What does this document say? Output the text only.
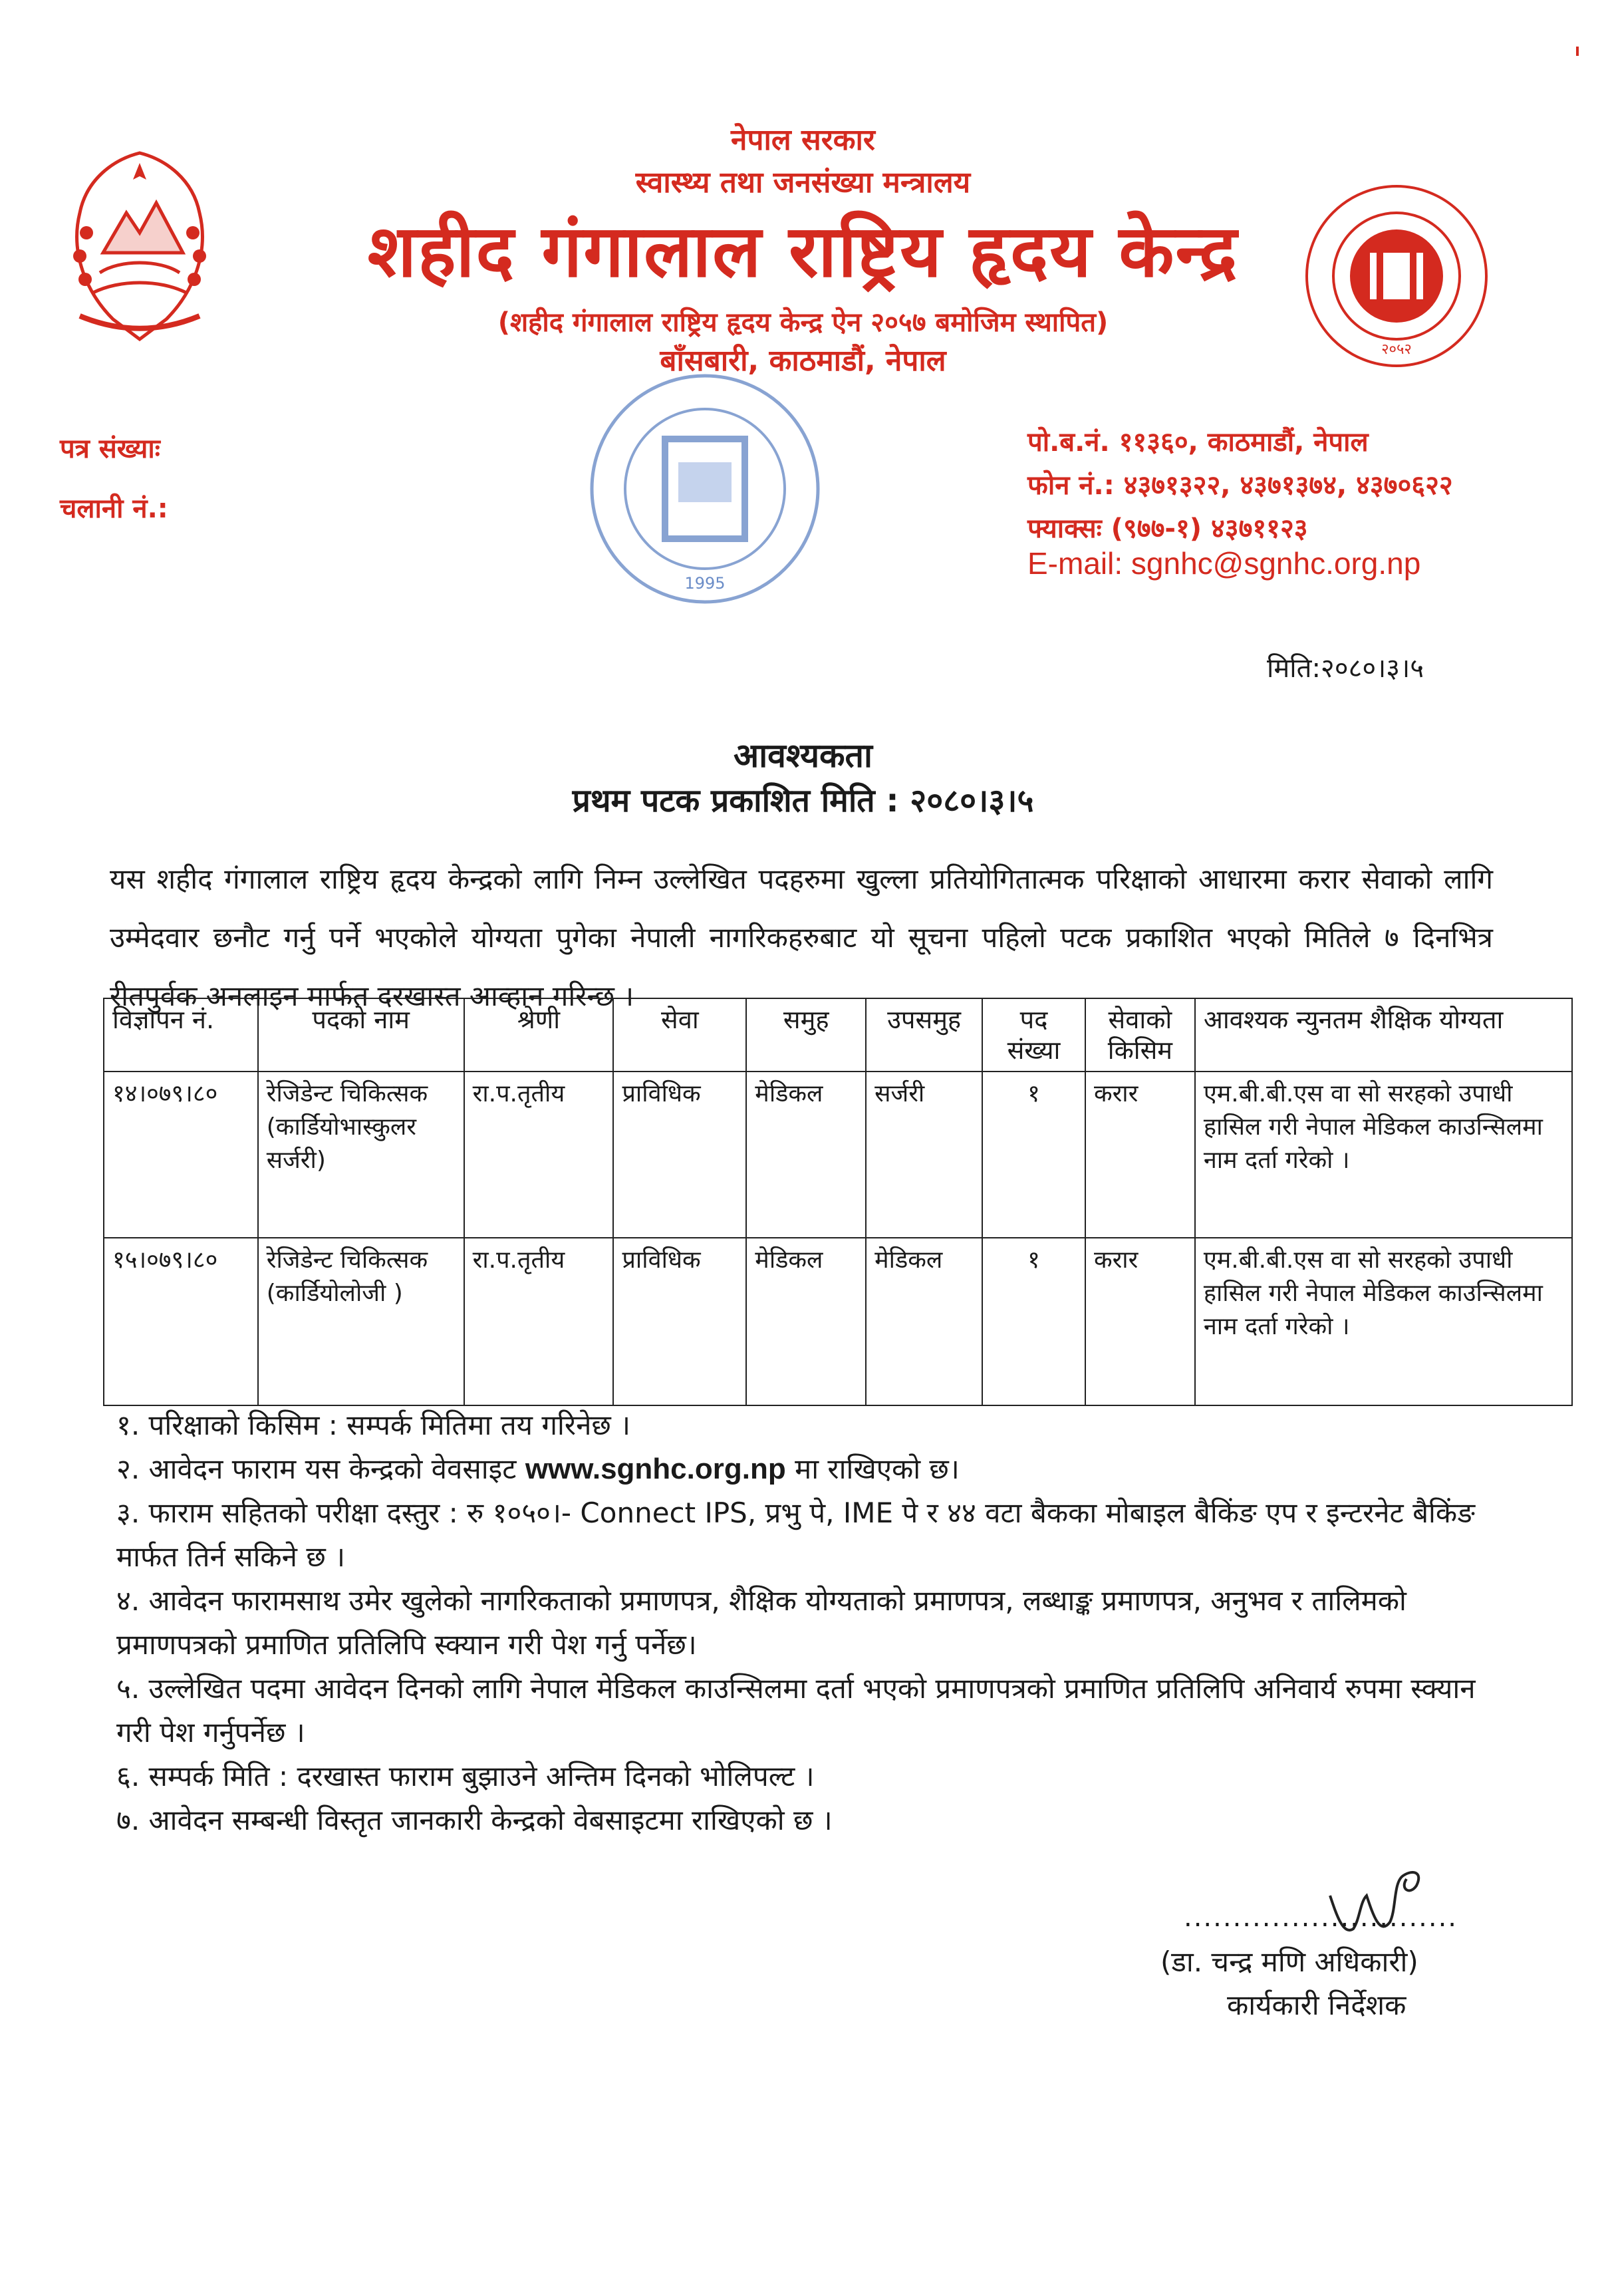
नेपाल सरकार
स्वास्थ्य तथा जनसंख्या मन्त्रालय
शहीद गंगालाल राष्ट्रिय हृदय केन्द्र
(शहीद गंगालाल राष्ट्रिय हृदय केन्द्र ऐन २०५७ बमोजिम स्थापित)
बाँसबारी, काठमाडौं, नेपाल	२०५२
1995
पत्र संख्याः
चलानी नं.:
पो.ब.नं. ११३६०, काठमाडौं, नेपाल
फोन नं.: ४३७१३२२, ४३७१३७४, ४३७०६२२
फ्याक्सः (९७७-१) ४३७११२३
E-mail: sgnhc@sgnhc.org.np
मिति:२०८०।३।५
आवश्यकता
प्रथम पटक प्रकाशित मिति : २०८०।३।५
यस शहीद गंगालाल राष्ट्रिय हृदय केन्द्रको लागि निम्न उल्लेखित पदहरुमा खुल्ला प्रतियोगितात्मक परिक्षाको आधारमा करार सेवाको लागि उम्मेदवार छनौट गर्नु पर्ने भएकोले योग्यता पुगेका नेपाली नागरिकहरुबाट यो सूचना पहिलो पटक प्रकाशित भएको मितिले ७ दिनभित्र रीतपुर्वक अनलाइन मार्फत दरखास्त आव्हान गरिन्छ ।
विज्ञापन नं.	पदको नाम	श्रेणी	सेवा	समुह	उपसमुह	पद संख्या	सेवाको किसिम	आवश्यक न्युनतम शैक्षिक योग्यता
१४।०७९।८०	रेजिडेन्ट चिकित्सक (कार्डियोभास्कुलर सर्जरी)	रा.प.तृतीय	प्राविधिक	मेडिकल	सर्जरी	१	करार	एम.बी.बी.एस वा सो सरहको उपाधी हासिल गरी नेपाल मेडिकल काउन्सिलमा नाम दर्ता गरेको ।
१५।०७९।८०	रेजिडेन्ट चिकित्सक (कार्डियोलोजी )	रा.प.तृतीय	प्राविधिक	मेडिकल	मेडिकल	१	करार	एम.बी.बी.एस वा सो सरहको उपाधी हासिल गरी नेपाल मेडिकल काउन्सिलमा नाम दर्ता गरेको ।

१. परिक्षाको किसिम : सम्पर्क मितिमा तय गरिनेछ ।

२. आवेदन फाराम यस केन्द्रको वेवसाइट www.sgnhc.org.np मा राखिएको छ।

३. फाराम सहितको परीक्षा दस्तुर : रु १०५०।- Connect IPS, प्रभु पे, IME पे र ४४ वटा बैकका मोबाइल बैकिंङ एप र इन्टरनेट बैकिंङ मार्फत तिर्न सकिने छ ।

४. आवेदन फारामसाथ उमेर खुलेको नागरिकताको प्रमाणपत्र, शैक्षिक योग्यताको प्रमाणपत्र, लब्धाङ्क प्रमाणपत्र, अनुभव र तालिमको प्रमाणपत्रको प्रमाणित प्रतिलिपि स्क्यान गरी पेश गर्नु पर्नेछ।

५. उल्लेखित पदमा आवेदन दिनको लागि नेपाल मेडिकल काउन्सिलमा दर्ता भएको प्रमाणपत्रको प्रमाणित प्रतिलिपि अनिवार्य रुपमा स्क्यान गरी पेश गर्नुपर्नेछ ।

६. सम्पर्क मिति : दरखास्त फाराम बुझाउने अन्तिम दिनको भोलिपल्ट ।

७. आवेदन सम्बन्धी विस्तृत जानकारी केन्द्रको वेबसाइटमा राखिएको छ ।

............................
(डा. चन्द्र मणि अधिकारी)
कार्यकारी निर्देशक
